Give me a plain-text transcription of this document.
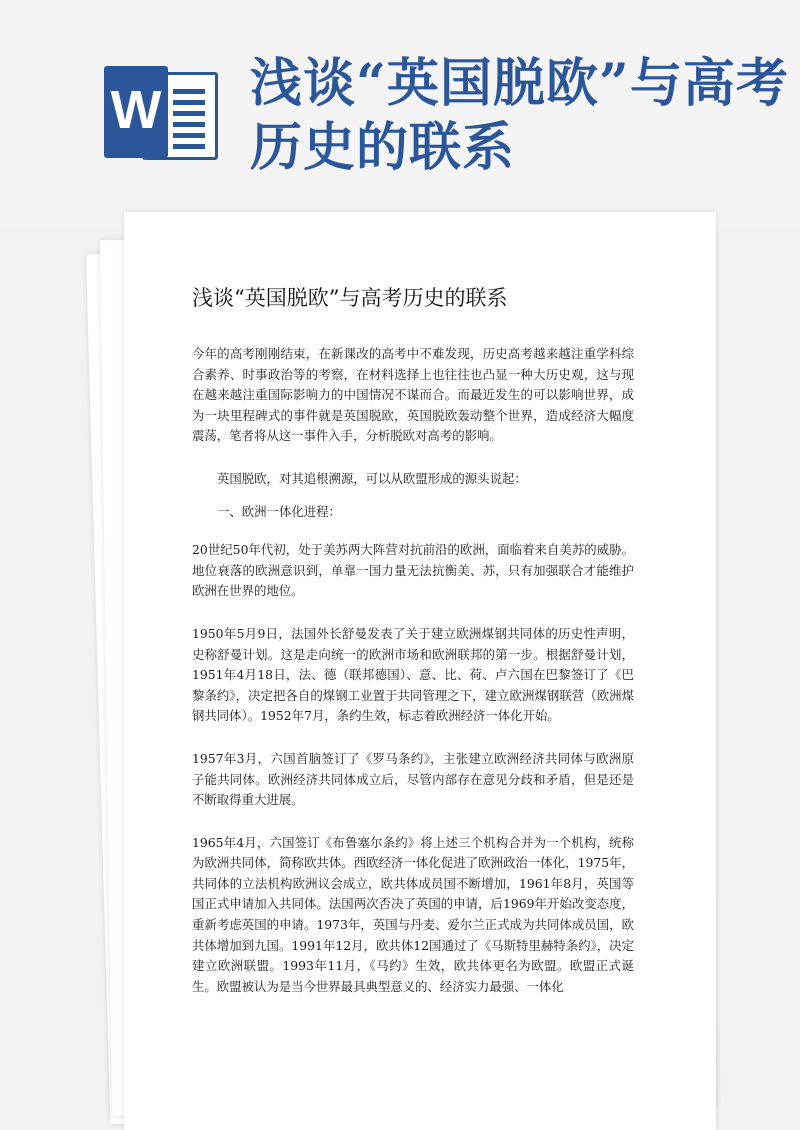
W 浅谈“英国脱欧”与高考历史的联系
浅谈“英国脱欧”与高考历史的联系

今年的高考刚刚结束，在新课改的高考中不难发现，历史高考越来越注重学科综合素养、时事政治等的考察，在材料选择上也往往也凸显一种大历史观，这与现在越来越注重国际影响力的中国情况不谋而合。而最近发生的可以影响世界，成为一块里程碑式的事件就是英国脱欧，英国脱欧轰动整个世界，造成经济大幅度震荡，笔者将从这一事件入手，分析脱欧对高考的影响。

英国脱欧，对其追根溯源，可以从欧盟形成的源头说起：

一、欧洲一体化进程：

20世纪50年代初，处于美苏两大阵营对抗前沿的欧洲，面临着来自美苏的威胁。地位衰落的欧洲意识到，单靠一国力量无法抗衡美、苏，只有加强联合才能维护欧洲在世界的地位。

1950年5月9日，法国外长舒曼发表了关于建立欧洲煤钢共同体的历史性声明，史称舒曼计划。这是走向统一的欧洲市场和欧洲联邦的第一步。根据舒曼计划，1951年4月18日，法、德（联邦德国）、意、比、荷、卢六国在巴黎签订了《巴黎条约》，决定把各自的煤钢工业置于共同管理之下，建立欧洲煤钢联营（欧洲煤钢共同体）。1952年7月，条约生效，标志着欧洲经济一体化开始。

1957年3月，六国首脑签订了《罗马条约》，主张建立欧洲经济共同体与欧洲原子能共同体。欧洲经济共同体成立后，尽管内部存在意见分歧和矛盾，但是还是不断取得重大进展。

1965年4月，六国签订《布鲁塞尔条约》将上述三个机构合并为一个机构，统称为欧洲共同体，简称欧共体。西欧经济一体化促进了欧洲政治一体化，1975年，共同体的立法机构欧洲议会成立，欧共体成员国不断增加，1961年8月，英国等国正式申请加入共同体。法国两次否决了英国的申请，后1969年开始改变态度，重新考虑英国的申请。1973年，英国与丹麦、爱尔兰正式成为共同体成员国，欧共体增加到九国。1991年12月，欧共体12国通过了《马斯特里赫特条约》，决定建立欧洲联盟。1993年11月，《马约》生效，欧共体更名为欧盟。欧盟正式诞生。欧盟被认为是当今世界最具典型意义的、经济实力最强、一体化
